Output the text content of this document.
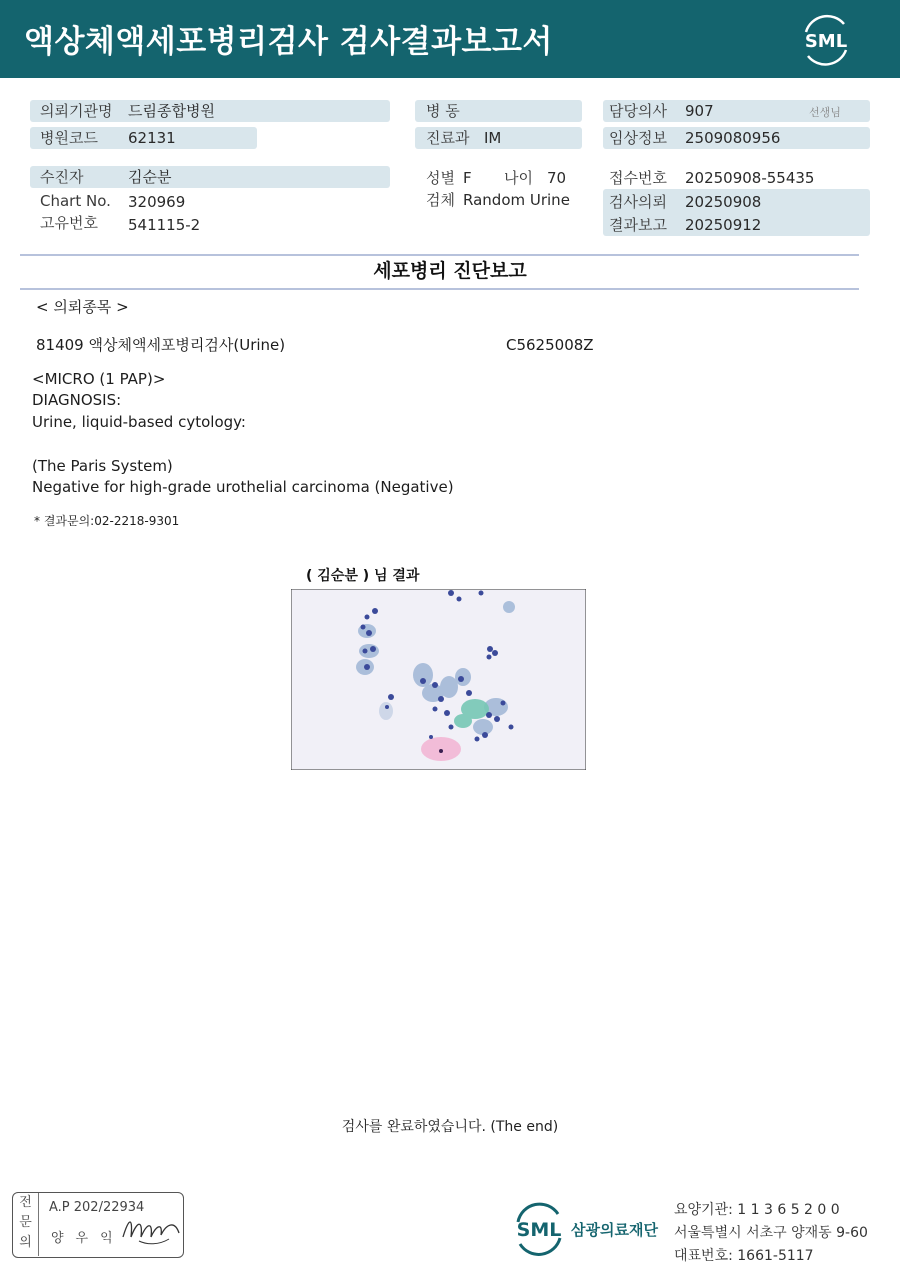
액상체액세포병리검사 검사결과보고서	SML
의뢰기관명 드림종합병원
병원코드 62131
수진자	김순분
Chart No. 320969
고유번호 541115-2
병 동
진료과 IM
성별 F 나이 70
검체 Random Urine
담당의사 907	선생님
임상정보 2509080956
접수번호 20250908-55435
검사의뢰 20250908
결과보고 20250912
세포병리 진단보고
< 의뢰종목 >
81409 액상체액세포병리검사(Urine)	C5625008Z
<MICRO (1 PAP)>
DIAGNOSIS:
Urine, liquid-based cytology:
(The Paris System)
Negative for high-grade urothelial carcinoma (Negative)
* 결과문의:02-2218-9301
( 김순분 ) 님 결과
검사를 완료하였습니다. (The end)
전
문
의
A.P 202/22934
양우익	SML 삼광의료재단
요양기관: 1 1 3 6 5 2 0 0
서울특별시 서초구 양재동 9-60
대표번호: 1661-5117
